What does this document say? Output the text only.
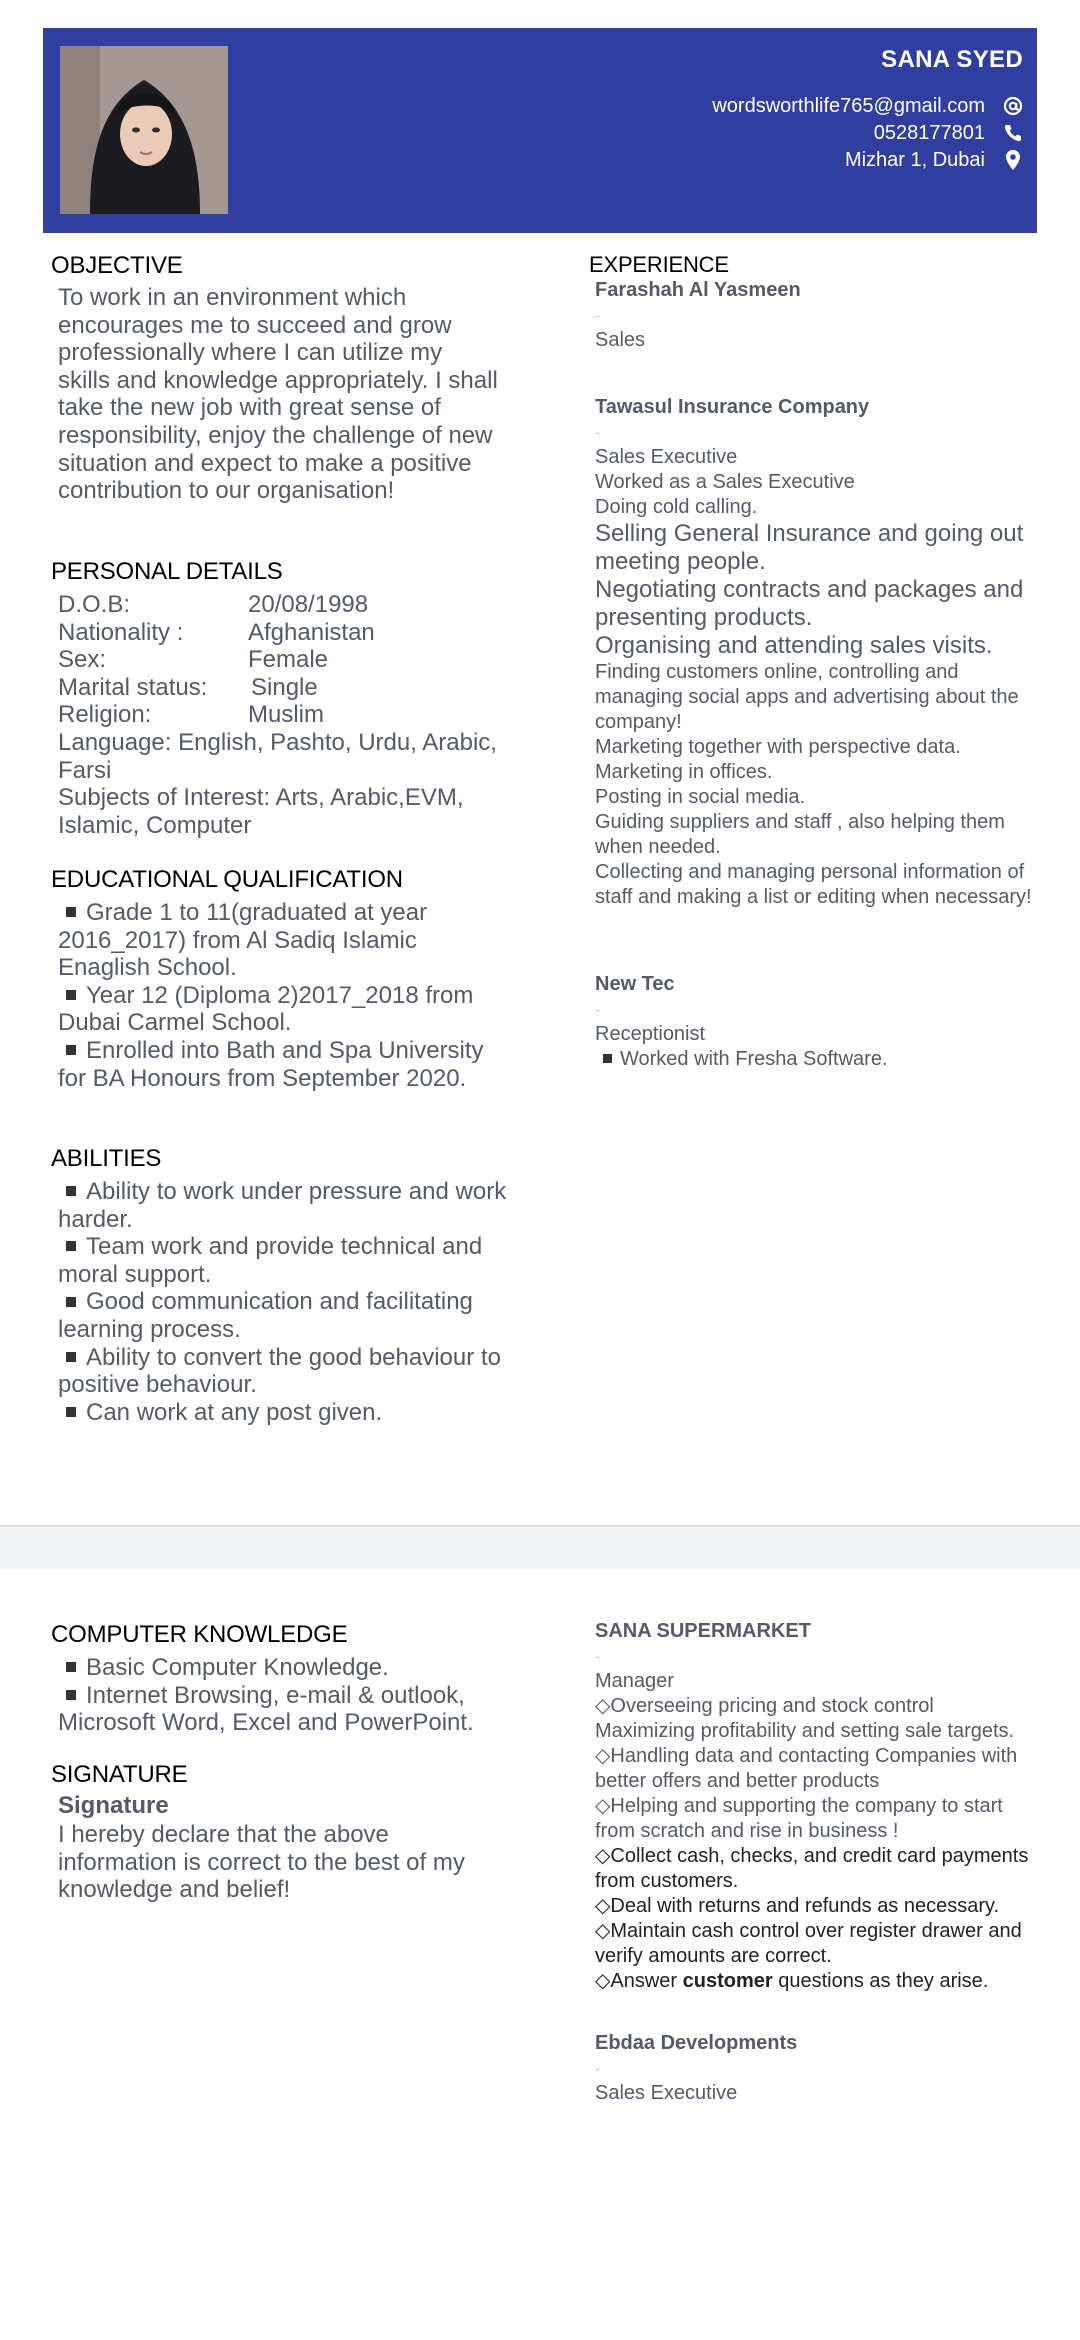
SANA SYED
wordsworthlife765@gmail.com
0528177801
Mizhar 1, Dubai
OBJECTIVE

To work in an environment which encourages me to succeed and grow professionally where I can utilize my skills and knowledge appropriately. I shall take the new job with great sense of responsibility, enjoy the challenge of new situation and expect to make a positive contribution to our organisation!

PERSONAL DETAILS
D.O.B:	20/08/1998
Nationality :	Afghanistan
Sex:	Female
Marital status:	Single
Religion:	Muslim
Language: English, Pashto, Urdu, Arabic, Farsi
Subjects of Interest: Arts, Arabic,EVM, Islamic, Computer
EDUCATIONAL QUALIFICATION
Grade 1 to 11(graduated at year 2016_2017) from Al Sadiq Islamic Enaglish School.
Year 12 (Diploma 2)2017_2018 from Dubai Carmel School.
Enrolled into Bath and Spa University for BA Honours from September 2020.
ABILITIES
Ability to work under pressure and work harder.
Team work and provide technical and moral support.
Good communication and facilitating learning process.
Ability to convert the good behaviour to positive behaviour.
Can work at any post given.
EXPERIENCE
Farashah Al Yasmeen
-
Sales
Tawasul Insurance Company
-
Sales Executive
Worked as a Sales Executive
Doing cold calling.
Selling General Insurance and going out meeting people.
Negotiating contracts and packages and presenting products.
Organising and attending sales visits.
Finding customers online, controlling and managing social apps and advertising about the company!
Marketing together with perspective data.
Marketing in offices.
Posting in social media.
Guiding suppliers and staff , also helping them when needed.
Collecting and managing personal information of staff and making a list or editing when necessary!
New Tec
-
Receptionist
Worked with Fresha Software.
COMPUTER KNOWLEDGE
Basic Computer Knowledge.
Internet Browsing, e-mail & outlook, Microsoft Word, Excel and PowerPoint.
SIGNATURE
Signature
I hereby declare that the above information is correct to the best of my knowledge and belief!
SANA SUPERMARKET
-
Manager
◇Overseeing pricing and stock control Maximizing profitability and setting sale targets.
◇Handling data and contacting Companies with better offers and better products
◇Helping and supporting the company to start from scratch and rise in business !
◇Collect cash, checks, and credit card payments from customers.
◇Deal with returns and refunds as necessary.
◇Maintain cash control over register drawer and verify amounts are correct.
◇Answer customer questions as they arise.
Ebdaa Developments
-
Sales Executive
